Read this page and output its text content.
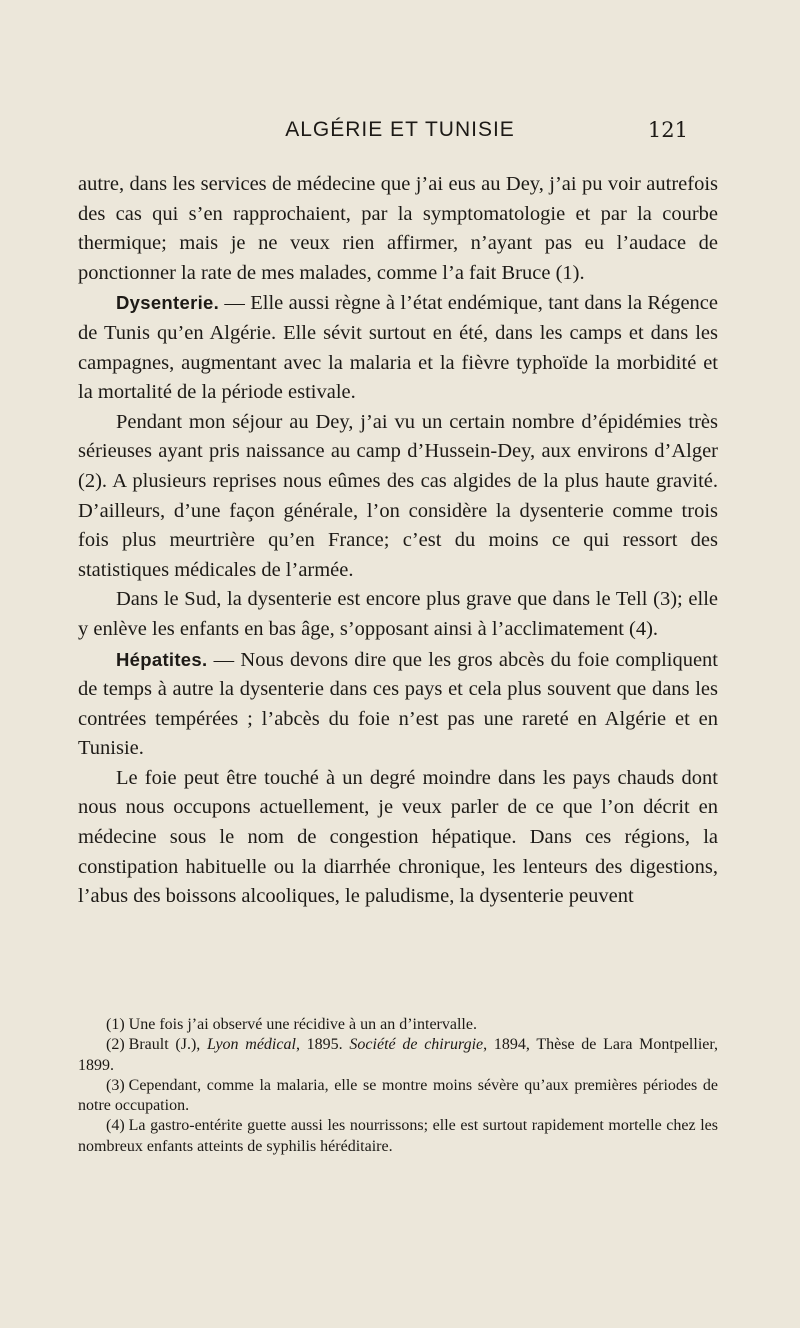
ALGÉRIE ET TUNISIE	121

autre, dans les services de médecine que j’ai eus au Dey, j’ai pu voir autrefois des cas qui s’en rapprochaient, par la symptomatologie et par la courbe thermique; mais je ne veux rien affirmer, n’ayant pas eu l’audace de ponctionner la rate de mes malades, comme l’a fait Bruce (1).

Dysenterie. — Elle aussi règne à l’état endémique, tant dans la Régence de Tunis qu’en Algérie. Elle sévit surtout en été, dans les camps et dans les campagnes, augmentant avec la malaria et la fièvre typhoïde la morbidité et la mortalité de la période estivale.

Pendant mon séjour au Dey, j’ai vu un certain nombre d’épidémies très sérieuses ayant pris naissance au camp d’Hussein-Dey, aux environs d’Alger (2). A plusieurs reprises nous eûmes des cas algides de la plus haute gravité. D’ailleurs, d’une façon générale, l’on considère la dysenterie comme trois fois plus meurtrière qu’en France; c’est du moins ce qui ressort des statistiques médicales de l’armée.

Dans le Sud, la dysenterie est encore plus grave que dans le Tell (3); elle y enlève les enfants en bas âge, s’opposant ainsi à l’acclimatement (4).

Hépatites. — Nous devons dire que les gros abcès du foie compliquent de temps à autre la dysenterie dans ces pays et cela plus souvent que dans les contrées tempérées ; l’abcès du foie n’est pas une rareté en Algérie et en Tunisie.

Le foie peut être touché à un degré moindre dans les pays chauds dont nous nous occupons actuellement, je veux parler de ce que l’on décrit en médecine sous le nom de congestion hépatique. Dans ces régions, la constipation habituelle ou la diarrhée chronique, les lenteurs des digestions, l’abus des boissons alcooliques, le paludisme, la dysenterie peuvent

(1) Une fois j’ai observé une récidive à un an d’intervalle.

(2) Brault (J.), Lyon médical, 1895. Société de chirurgie, 1894, Thèse de Lara Montpellier, 1899.

(3) Cependant, comme la malaria, elle se montre moins sévère qu’aux premières périodes de notre occupation.

(4) La gastro-entérite guette aussi les nourrissons; elle est surtout rapidement mortelle chez les nombreux enfants atteints de syphilis héréditaire.
